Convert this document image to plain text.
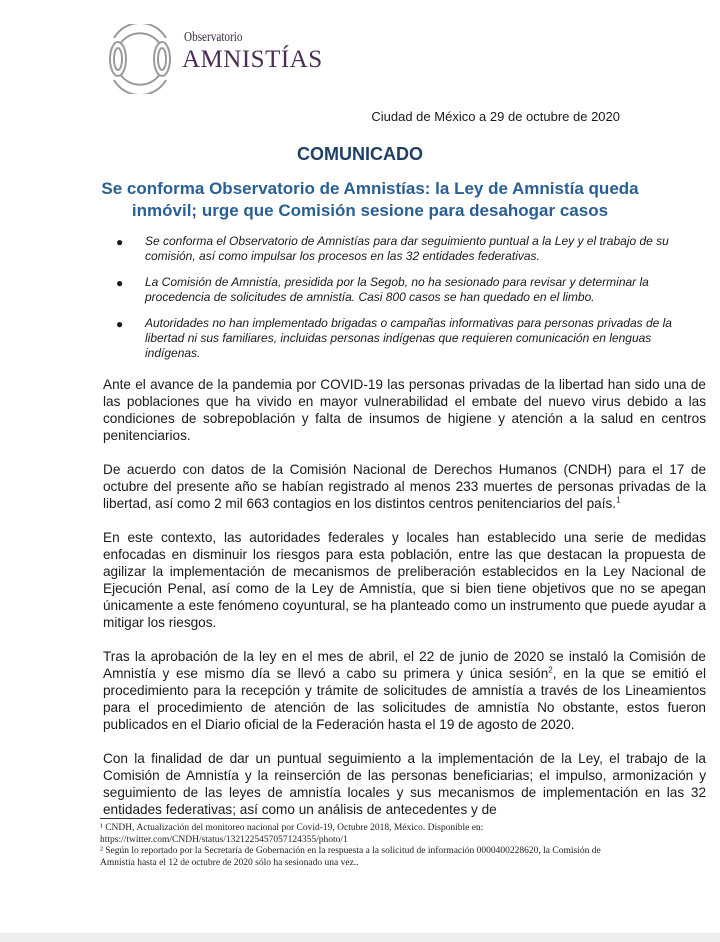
Observatorio
AMNISTÍAS
Ciudad de México a 29 de octubre de 2020
COMUNICADO
Se conforma Observatorio de Amnistías: la Ley de Amnistía queda inmóvil; urge que Comisión sesione para desahogar casos
● Se conforma el Observatorio de Amnistías para dar seguimiento puntual a la Ley y el trabajo de su comisión, así como impulsar los procesos en las 32 entidades federativas.
● La Comisión de Amnistía, presidida por la Segob, no ha sesionado para revisar y determinar la procedencia de solicitudes de amnistía. Casi 800 casos se han quedado en el limbo.
● Autoridades no han implementado brigadas o campañas informativas para personas privadas de la libertad ni sus familiares, incluidas personas indígenas que requieren comunicación en lenguas indígenas.

Ante el avance de la pandemia por COVID-19 las personas privadas de la libertad han sido una de las poblaciones que ha vivido en mayor vulnerabilidad el embate del nuevo virus debido a las condiciones de sobrepoblación y falta de insumos de higiene y atención a la salud en centros penitenciarios.

De acuerdo con datos de la Comisión Nacional de Derechos Humanos (CNDH) para el 17 de octubre del presente año se habían registrado al menos 233 muertes de personas privadas de la libertad, así como 2 mil 663 contagios en los distintos centros penitenciarios del país.$^1$

En este contexto, las autoridades federales y locales han establecido una serie de medidas enfocadas en disminuir los riesgos para esta población, entre las que destacan la propuesta de agilizar la implementación de mecanismos de preliberación establecidos en la Ley Nacional de Ejecución Penal, así como de la Ley de Amnistía, que si bien tiene objetivos que no se apegan únicamente a este fenómeno coyuntural, se ha planteado como un instrumento que puede ayudar a mitigar los riesgos.

Tras la aprobación de la ley en el mes de abril, el 22 de junio de 2020 se instaló la Comisión de Amnistía y ese mismo día se llevó a cabo su primera y única sesión$^2$, en la que se emitió el procedimiento para la recepción y trámite de solicitudes de amnistía a través de los Lineamientos para el procedimiento de atención de las solicitudes de amnistía No obstante, estos fueron publicados en el Diario oficial de la Federación hasta el 19 de agosto de 2020.

Con la finalidad de dar un puntual seguimiento a la implementación de la Ley, el trabajo de la Comisión de Amnistía y la reinserción de las personas beneficiarias; el impulso, armonización y seguimiento de las leyes de amnistía locales y sus mecanismos de implementación en las 32 entidades federativas; así como un análisis de antecedentes y de

¹ CNDH, Actualización del monitoreo nacional por Covid-19, Octubre 2018, México. Disponible en:
https://twitter.com/CNDH/status/1321225457057124355/photo/1
² Según lo reportado por la Secretaría de Gobernación en la respuesta a la solicitud de información 0000400228620, la Comisión de Amnistía hasta el 12 de octubre de 2020 sólo ha sesionado una vez..
